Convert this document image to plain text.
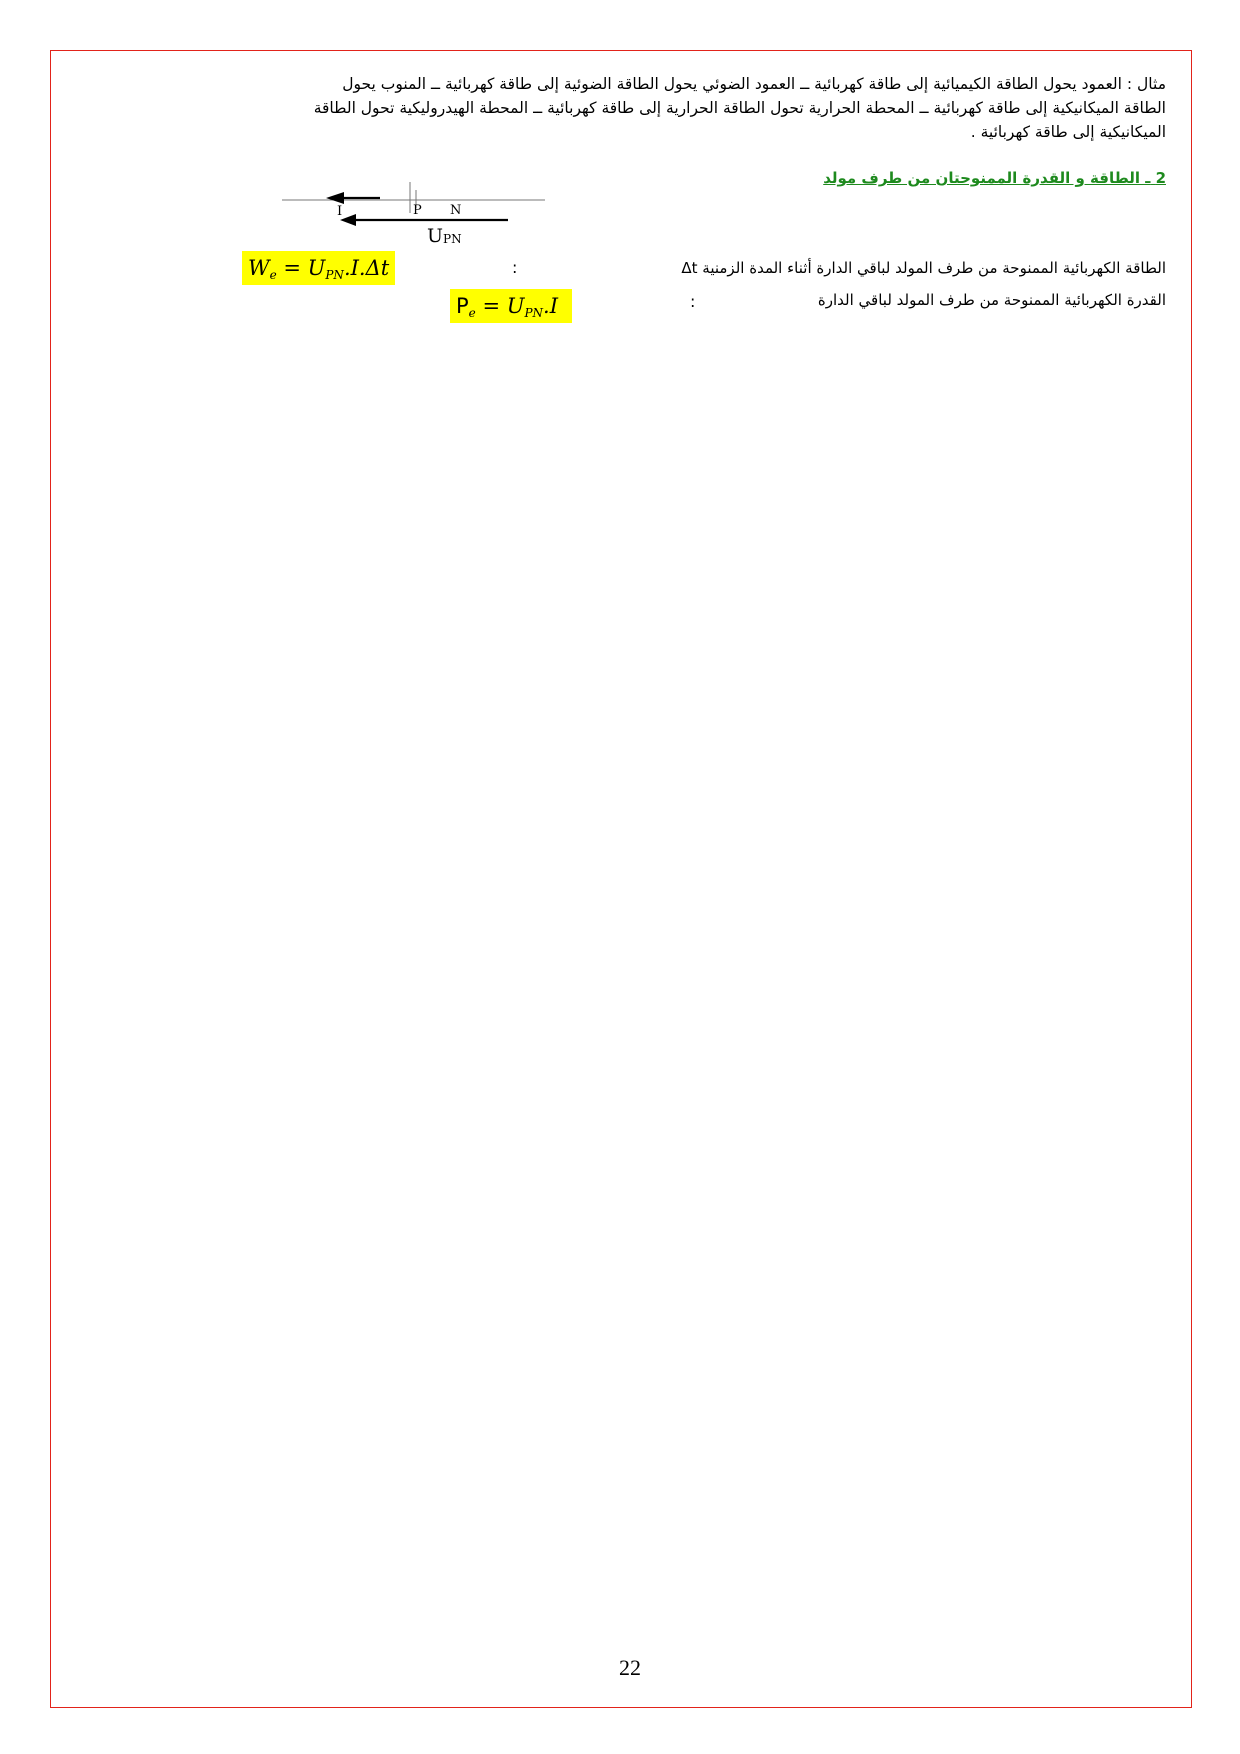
مثال : العمود يحول الطاقة الكيميائية إلى طاقة كهربائية ــ العمود الضوئي يحول الطاقة الضوئية إلى طاقة كهربائية ــ المنوب يحول
الطاقة الميكانيكية إلى طاقة كهربائية ــ المحطة الحرارية تحول الطاقة الحرارية إلى طاقة كهربائية ــ المحطة الهيدروليكية تحول الطاقة
الميكانيكية إلى طاقة كهربائية .
2 ـ الطاقة و القدرة الممنوحتان من طرف مولد
I	P N
UPN
الطاقة الكهربائية الممنوحة من طرف المولد لباقي الدارة أثناء المدة الزمنية Δt
:
$W_e = U_{PN}.I.\Delta t$
القدرة الكهربائية الممنوحة من طرف المولد لباقي الدارة
:
$P_e = U_{PN}.I$
22
